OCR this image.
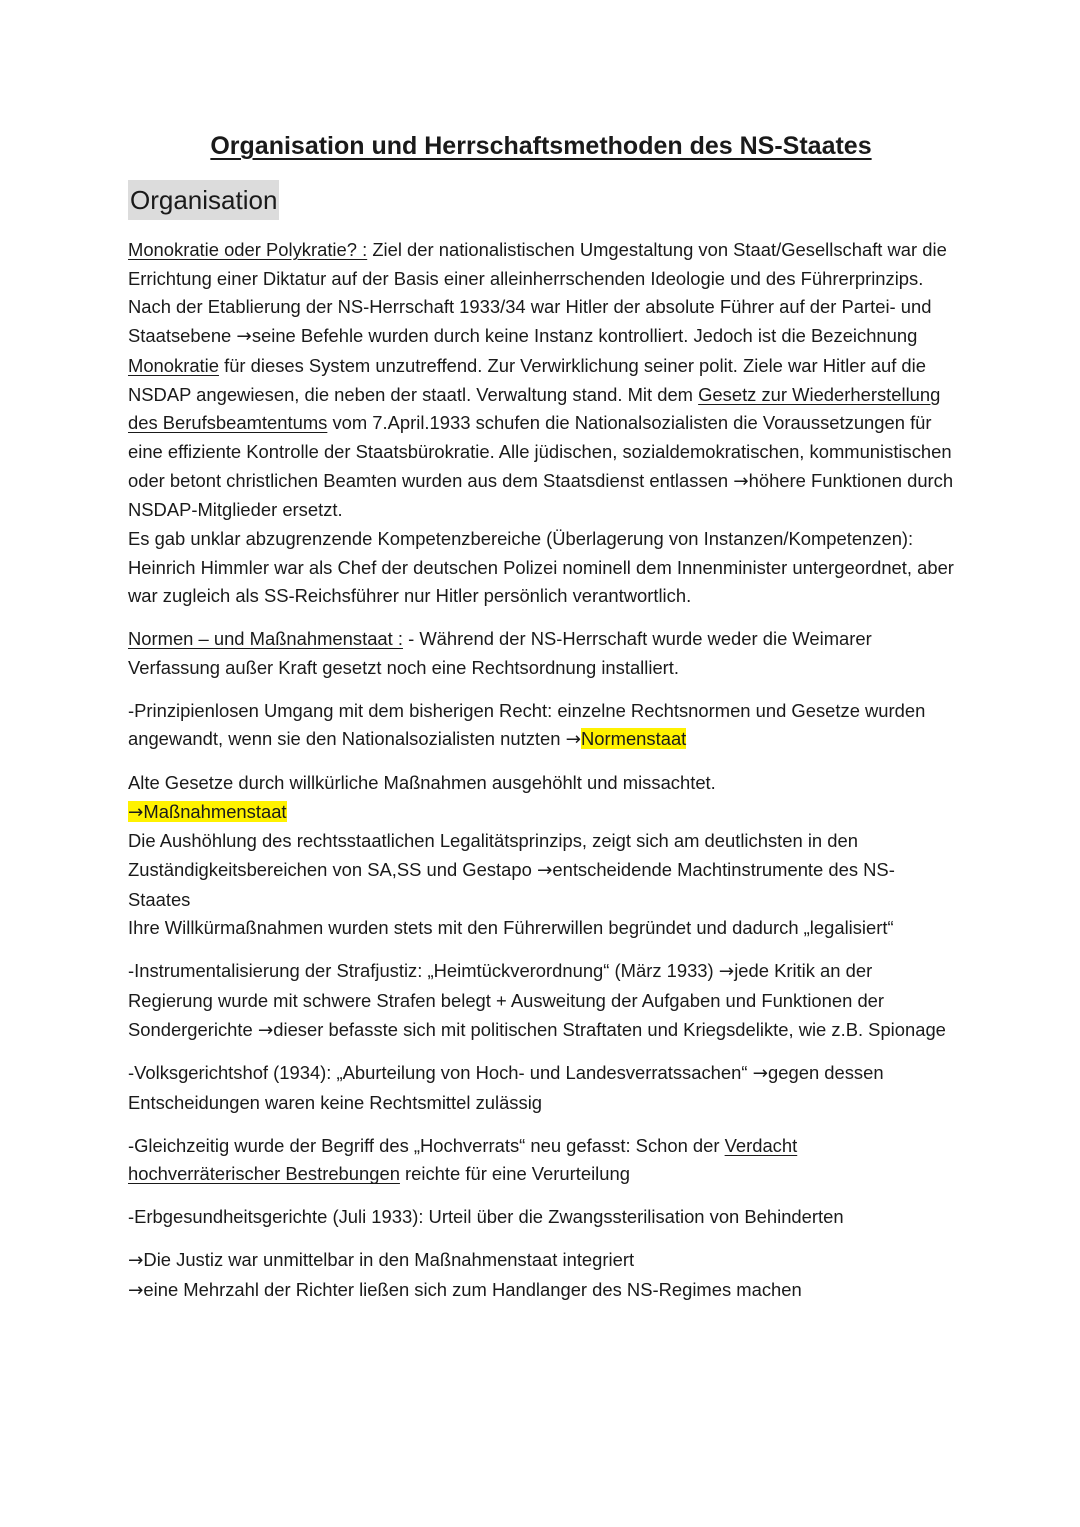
Organisation und Herrschaftsmethoden des NS-Staates
Organisation

Monokratie oder Polykratie? : Ziel der nationalistischen Umgestaltung von Staat/Gesellschaft war die Errichtung einer Diktatur auf der Basis einer alleinherrschenden Ideologie und des Führerprinzips. Nach der Etablierung der NS-Herrschaft 1933/34 war Hitler der absolute Führer auf der Partei- und Staatsebene →seine Befehle wurden durch keine Instanz kontrolliert. Jedoch ist die Bezeichnung Monokratie für dieses System unzutreffend. Zur Verwirklichung seiner polit. Ziele war Hitler auf die NSDAP angewiesen, die neben der staatl. Verwaltung stand. Mit dem Gesetz zur Wiederherstellung des Berufsbeamtentums vom 7.April.1933 schufen die Nationalsozialisten die Voraussetzungen für eine effiziente Kontrolle der Staatsbürokratie. Alle jüdischen, sozialdemokratischen, kommunistischen oder betont christlichen Beamten wurden aus dem Staatsdienst entlassen →höhere Funktionen durch NSDAP-Mitglieder ersetzt.

Es gab unklar abzugrenzende Kompetenzbereiche (Überlagerung von Instanzen/Kompetenzen): Heinrich Himmler war als Chef der deutschen Polizei nominell dem Innenminister untergeordnet, aber war zugleich als SS-Reichsführer nur Hitler persönlich verantwortlich.

Normen – und Maßnahmenstaat : - Während der NS-Herrschaft wurde weder die Weimarer Verfassung außer Kraft gesetzt noch eine Rechtsordnung installiert.

-Prinzipienlosen Umgang mit dem bisherigen Recht: einzelne Rechtsnormen und Gesetze wurden angewandt, wenn sie den Nationalsozialisten nutzten →Normenstaat

Alte Gesetze durch willkürliche Maßnahmen ausgehöhlt und missachtet.
→Maßnahmenstaat
Die Aushöhlung des rechtsstaatlichen Legalitätsprinzips, zeigt sich am deutlichsten in den Zuständigkeitsbereichen von SA,SS und Gestapo →entscheidende Machtinstrumente des NS-Staates
Ihre Willkürmaßnahmen wurden stets mit den Führerwillen begründet und dadurch „legalisiert“

-Instrumentalisierung der Strafjustiz: „Heimtückverordnung“ (März 1933) →jede Kritik an der Regierung wurde mit schwere Strafen belegt + Ausweitung der Aufgaben und Funktionen der Sondergerichte →dieser befasste sich mit politischen Straftaten und Kriegsdelikte, wie z.B. Spionage

-Volksgerichtshof (1934): „Aburteilung von Hoch- und Landesverratssachen“ →gegen dessen Entscheidungen waren keine Rechtsmittel zulässig

-Gleichzeitig wurde der Begriff des „Hochverrats“ neu gefasst: Schon der Verdacht hochverräterischer Bestrebungen reichte für eine Verurteilung

-Erbgesundheitsgerichte (Juli 1933): Urteil über die Zwangssterilisation von Behinderten

→Die Justiz war unmittelbar in den Maßnahmenstaat integriert
→eine Mehrzahl der Richter ließen sich zum Handlanger des NS-Regimes machen
